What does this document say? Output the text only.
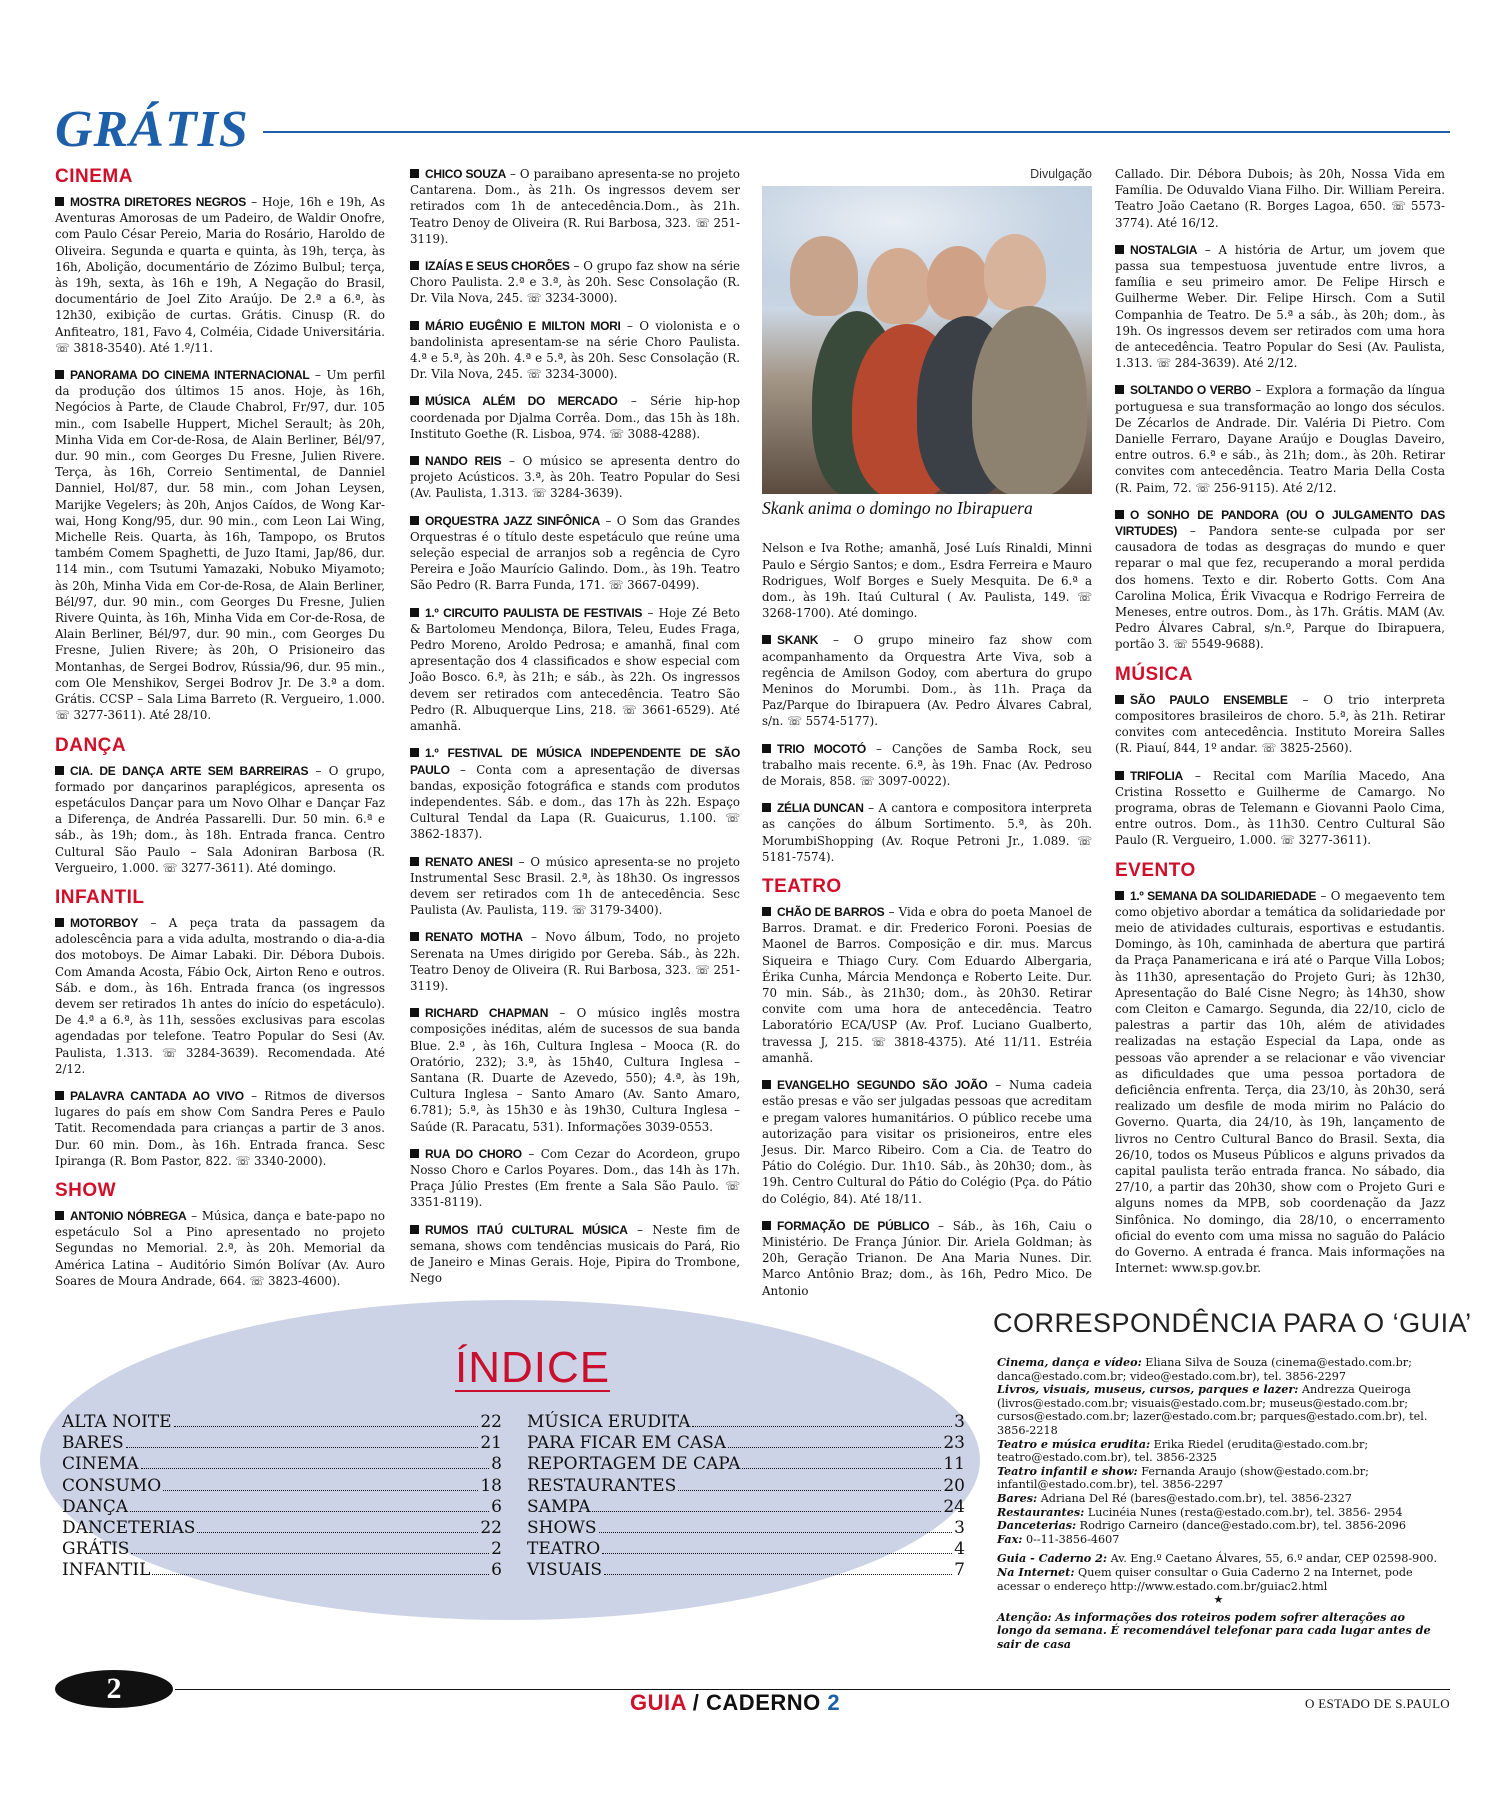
GRÁTIS
CINEMA
MOSTRA DIRETORES NEGROS – Hoje, 16h e 19h, As Aventuras Amorosas de um Padeiro, de Waldir Onofre, com Paulo César Pereio, Maria do Rosário, Haroldo de Oliveira. Segunda e quarta e quinta, às 19h, terça, às 16h, Abolição, documentário de Zózimo Bulbul; terça, às 19h, sexta, às 16h e 19h, A Negação do Brasil, documentário de Joel Zito Araújo. De 2.ª a 6.ª, às 12h30, exibição de curtas. Grátis. Cinusp (R. do Anfiteatro, 181, Favo 4, Colméia, Cidade Universitária. ☏ 3818-3540). Até 1.º/11.
PANORAMA DO CINEMA INTERNACIONAL – Um perfil da produção dos últimos 15 anos. Hoje, às 16h, Negócios à Parte, de Claude Chabrol, Fr/97, dur. 105 min., com Isabelle Huppert, Michel Serault; às 20h, Minha Vida em Cor-de-Rosa, de Alain Berliner, Bél/97, dur. 90 min., com Georges Du Fresne, Julien Rivere. Terça, às 16h, Correio Sentimental, de Danniel Danniel, Hol/87, dur. 58 min., com Johan Leysen, Marijke Vegelers; às 20h, Anjos Caídos, de Wong Kar-wai, Hong Kong/95, dur. 90 min., com Leon Lai Wing, Michelle Reis. Quarta, às 16h, Tampopo, os Brutos também Comem Spaghetti, de Juzo Itami, Jap/86, dur. 114 min., com Tsutumi Yamazaki, Nobuko Miyamoto; às 20h, Minha Vida em Cor-de-Rosa, de Alain Berliner, Bél/97, dur. 90 min., com Georges Du Fresne, Julien Rivere Quinta, às 16h, Minha Vida em Cor-de-Rosa, de Alain Berliner, Bél/97, dur. 90 min., com Georges Du Fresne, Julien Rivere; às 20h, O Prisioneiro das Montanhas, de Sergei Bodrov, Rússia/96, dur. 95 min., com Ole Menshikov, Sergei Bodrov Jr. De 3.ª a dom. Grátis. CCSP – Sala Lima Barreto (R. Vergueiro, 1.000. ☏ 3277-3611). Até 28/10.
DANÇA
CIA. DE DANÇA ARTE SEM BARREIRAS – O grupo, formado por dançarinos paraplégicos, apresenta os espetáculos Dançar para um Novo Olhar e Dançar Faz a Diferença, de Andréa Passarelli. Dur. 50 min. 6.ª e sáb., às 19h; dom., às 18h. Entrada franca. Centro Cultural São Paulo – Sala Adoniran Barbosa (R. Vergueiro, 1.000. ☏ 3277-3611). Até domingo.
INFANTIL
MOTORBOY – A peça trata da passagem da adolescência para a vida adulta, mostrando o dia-a-dia dos motoboys. De Aimar Labaki. Dir. Débora Dubois. Com Amanda Acosta, Fábio Ock, Airton Reno e outros. Sáb. e dom., às 16h. Entrada franca (os ingressos devem ser retirados 1h antes do início do espetáculo). De 4.ª a 6.ª, às 11h, sessões exclusivas para escolas agendadas por telefone. Teatro Popular do Sesi (Av. Paulista, 1.313. ☏ 3284-3639). Recomendada. Até 2/12.
PALAVRA CANTADA AO VIVO – Ritmos de diversos lugares do país em show Com Sandra Peres e Paulo Tatit. Recomendada para crianças a partir de 3 anos. Dur. 60 min. Dom., às 16h. Entrada franca. Sesc Ipiranga (R. Bom Pastor, 822. ☏ 3340-2000).
SHOW
ANTONIO NÓBREGA – Música, dança e bate-papo no espetáculo Sol a Pino apresentado no projeto Segundas no Memorial. 2.ª, às 20h. Memorial da América Latina – Auditório Simón Bolívar (Av. Auro Soares de Moura Andrade, 664. ☏ 3823-4600).
CHICO SOUZA – O paraibano apresenta-se no projeto Cantarena. Dom., às 21h. Os ingressos devem ser retirados com 1h de antecedência.Dom., às 21h. Teatro Denoy de Oliveira (R. Rui Barbosa, 323. ☏ 251-3119).
IZAÍAS E SEUS CHORÕES – O grupo faz show na série Choro Paulista. 2.ª e 3.ª, às 20h. Sesc Consolação (R. Dr. Vila Nova, 245. ☏ 3234-3000).
MÁRIO EUGÊNIO E MILTON MORI – O violonista e o bandolinista apresentam-se na série Choro Paulista. 4.ª e 5.ª, às 20h. 4.ª e 5.ª, às 20h. Sesc Consolação (R. Dr. Vila Nova, 245. ☏ 3234-3000).
MÚSICA ALÉM DO MERCADO – Série hip-hop coordenada por Djalma Corrêa. Dom., das 15h às 18h. Instituto Goethe (R. Lisboa, 974. ☏ 3088-4288).
NANDO REIS – O músico se apresenta dentro do projeto Acústicos. 3.ª, às 20h. Teatro Popular do Sesi (Av. Paulista, 1.313. ☏ 3284-3639).
ORQUESTRA JAZZ SINFÔNICA – O Som das Grandes Orquestras é o título deste espetáculo que reúne uma seleção especial de arranjos sob a regência de Cyro Pereira e João Maurício Galindo. Dom., às 19h. Teatro São Pedro (R. Barra Funda, 171. ☏ 3667-0499).
1.º CIRCUITO PAULISTA DE FESTIVAIS – Hoje Zé Beto & Bartolomeu Mendonça, Bilora, Teleu, Eudes Fraga, Pedro Moreno, Aroldo Pedrosa; e amanhã, final com apresentação dos 4 classificados e show especial com João Bosco. 6.ª, às 21h; e sáb., às 22h. Os ingressos devem ser retirados com antecedência. Teatro São Pedro (R. Albuquerque Lins, 218. ☏ 3661-6529). Até amanhã.
1.º FESTIVAL DE MÚSICA INDEPENDENTE DE SÃO PAULO – Conta com a apresentação de diversas bandas, exposição fotográfica e stands com produtos independentes. Sáb. e dom., das 17h às 22h. Espaço Cultural Tendal da Lapa (R. Guaicurus, 1.100. ☏ 3862-1837).
RENATO ANESI – O músico apresenta-se no projeto Instrumental Sesc Brasil. 2.ª, às 18h30. Os ingressos devem ser retirados com 1h de antecedência. Sesc Paulista (Av. Paulista, 119. ☏ 3179-3400).
RENATO MOTHA – Novo álbum, Todo, no projeto Serenata na Umes dirigido por Gereba. Sáb., às 22h. Teatro Denoy de Oliveira (R. Rui Barbosa, 323. ☏ 251-3119).
RICHARD CHAPMAN – O músico inglês mostra composições inéditas, além de sucessos de sua banda Blue. 2.ª , às 16h, Cultura Inglesa – Mooca (R. do Oratório, 232); 3.ª, às 15h40, Cultura Inglesa – Santana (R. Duarte de Azevedo, 550); 4.ª, às 19h, Cultura Inglesa – Santo Amaro (Av. Santo Amaro, 6.781); 5.ª, às 15h30 e às 19h30, Cultura Inglesa – Saúde (R. Paracatu, 531). Informações 3039-0553.
RUA DO CHORO – Com Cezar do Acordeon, grupo Nosso Choro e Carlos Poyares. Dom., das 14h às 17h. Praça Júlio Prestes (Em frente a Sala São Paulo. ☏ 3351-8119).
RUMOS ITAÚ CULTURAL MÚSICA – Neste fim de semana, shows com tendências musicais do Pará, Rio de Janeiro e Minas Gerais. Hoje, Pipira do Trombone, Nego
Divulgação
Skank anima o domingo no Ibirapuera
Nelson e Iva Rothe; amanhã, José Luís Rinaldi, Minni Paulo e Sérgio Santos; e dom., Esdra Ferreira e Mauro Rodrigues, Wolf Borges e Suely Mesquita. De 6.ª a dom., às 19h. Itaú Cultural ( Av. Paulista, 149. ☏ 3268-1700). Até domingo.
SKANK – O grupo mineiro faz show com acompanhamento da Orquestra Arte Viva, sob a regência de Amilson Godoy, com abertura do grupo Meninos do Morumbi. Dom., às 11h. Praça da Paz/Parque do Ibirapuera (Av. Pedro Álvares Cabral, s/n. ☏ 5574-5177).
TRIO MOCOTÓ – Canções de Samba Rock, seu trabalho mais recente. 6.ª, às 19h. Fnac (Av. Pedroso de Morais, 858. ☏ 3097-0022).
ZÉLIA DUNCAN – A cantora e compositora interpreta as canções do álbum Sortimento. 5.ª, às 20h. MorumbiShopping (Av. Roque Petroni Jr., 1.089. ☏ 5181-7574).
TEATRO
CHÃO DE BARROS – Vida e obra do poeta Manoel de Barros. Dramat. e dir. Frederico Foroni. Poesias de Maonel de Barros. Composição e dir. mus. Marcus Siqueira e Thiago Cury. Com Eduardo Albergaria, Érika Cunha, Márcia Mendonça e Roberto Leite. Dur. 70 min. Sáb., às 21h30; dom., às 20h30. Retirar convite com uma hora de antecedência. Teatro Laboratório ECA/USP (Av. Prof. Luciano Gualberto, travessa J, 215. ☏ 3818-4375). Até 11/11. Estréia amanhã.
EVANGELHO SEGUNDO SÃO JOÃO – Numa cadeia estão presas e vão ser julgadas pessoas que acreditam e pregam valores humanitários. O público recebe uma autorização para visitar os prisioneiros, entre eles Jesus. Dir. Marco Ribeiro. Com a Cia. de Teatro do Pátio do Colégio. Dur. 1h10. Sáb., às 20h30; dom., às 19h. Centro Cultural do Pátio do Colégio (Pça. do Pátio do Colégio, 84). Até 18/11.
FORMAÇÃO DE PÚBLICO – Sáb., às 16h, Caiu o Ministério. De França Júnior. Dir. Ariela Goldman; às 20h, Geração Trianon. De Ana Maria Nunes. Dir. Marco Antônio Braz; dom., às 16h, Pedro Mico. De Antonio
Callado. Dir. Débora Dubois; às 20h, Nossa Vida em Família. De Oduvaldo Viana Filho. Dir. William Pereira. Teatro João Caetano (R. Borges Lagoa, 650. ☏ 5573-3774). Até 16/12.
NOSTALGIA – A história de Artur, um jovem que passa sua tempestuosa juventude entre livros, a família e seu primeiro amor. De Felipe Hirsch e Guilherme Weber. Dir. Felipe Hirsch. Com a Sutil Companhia de Teatro. De 5.ª a sáb., às 20h; dom., às 19h. Os ingressos devem ser retirados com uma hora de antecedência. Teatro Popular do Sesi (Av. Paulista, 1.313. ☏ 284-3639). Até 2/12.
SOLTANDO O VERBO – Explora a formação da língua portuguesa e sua transformação ao longo dos séculos. De Zécarlos de Andrade. Dir. Valéria Di Pietro. Com Danielle Ferraro, Dayane Araújo e Douglas Daveiro, entre outros. 6.ª e sáb., às 21h; dom., às 20h. Retirar convites com antecedência. Teatro Maria Della Costa (R. Paim, 72. ☏ 256-9115). Até 2/12.
O SONHO DE PANDORA (OU O JULGAMENTO DAS VIRTUDES) – Pandora sente-se culpada por ser causadora de todas as desgraças do mundo e quer reparar o mal que fez, recuperando a moral perdida dos homens. Texto e dir. Roberto Gotts. Com Ana Carolina Molica, Érik Vivacqua e Rodrigo Ferreira de Meneses, entre outros. Dom., às 17h. Grátis. MAM (Av. Pedro Álvares Cabral, s/n.º, Parque do Ibirapuera, portão 3. ☏ 5549-9688).
MÚSICA
SÃO PAULO ENSEMBLE – O trio interpreta compositores brasileiros de choro. 5.ª, às 21h. Retirar convites com antecedência. Instituto Moreira Salles (R. Piauí, 844, 1º andar. ☏ 3825-2560).
TRIFOLIA – Recital com Marília Macedo, Ana Cristina Rossetto e Guilherme de Camargo. No programa, obras de Telemann e Giovanni Paolo Cima, entre outros. Dom., às 11h30. Centro Cultural São Paulo (R. Vergueiro, 1.000. ☏ 3277-3611).
EVENTO
1.º SEMANA DA SOLIDARIEDADE – O megaevento tem como objetivo abordar a temática da solidariedade por meio de atividades culturais, esportivas e estudantis. Domingo, às 10h, caminhada de abertura que partirá da Praça Panamericana e irá até o Parque Villa Lobos; às 11h30, apresentação do Projeto Guri; às 12h30, Apresentação do Balé Cisne Negro; às 14h30, show com Cleiton e Camargo. Segunda, dia 22/10, ciclo de palestras a partir das 10h, além de atividades realizadas na estação Especial da Lapa, onde as pessoas vão aprender a se relacionar e vão vivenciar as dificuldades que uma pessoa portadora de deficiência enfrenta. Terça, dia 23/10, às 20h30, será realizado um desfile de moda mirim no Palácio do Governo. Quarta, dia 24/10, às 19h, lançamento de livros no Centro Cultural Banco do Brasil. Sexta, dia 26/10, todos os Museus Públicos e alguns privados da capital paulista terão entrada franca. No sábado, dia 27/10, a partir das 20h30, show com o Projeto Guri e alguns nomes da MPB, sob coordenação da Jazz Sinfônica. No domingo, dia 28/10, o encerramento oficial do evento com uma missa no saguão do Palácio do Governo. A entrada é franca. Mais informações na Internet: www.sp.gov.br.
ÍNDICE
ALTA NOITE	22
BARES	21
CINEMA	8
CONSUMO	18
DANÇA	6
DANCETERIAS	22
GRÁTIS	2
INFANTIL	6
MÚSICA ERUDITA	3
PARA FICAR EM CASA	23
REPORTAGEM DE CAPA	11
RESTAURANTES	20
SAMPA	24
SHOWS	3
TEATRO	4
VISUAIS	7
CORRESPONDÊNCIA PARA O ‘GUIA’

Cinema, dança e vídeo: Eliana Silva de Souza (cinema@estado.com.br; danca@estado.com.br; video@estado.com.br), tel. 3856-2297

Livros, visuais, museus, cursos, parques e lazer: Andrezza Queiroga (livros@estado.com.br; visuais@estado.com.br; museus@estado.com.br; cursos@estado.com.br; lazer@estado.com.br; parques@estado.com.br), tel. 3856-2218

Teatro e música erudita: Erika Riedel (erudita@estado.com.br; teatro@estado.com.br), tel. 3856-2325

Teatro infantil e show: Fernanda Araujo (show@estado.com.br; infantil@estado.com.br), tel. 3856-2297

Bares: Adriana Del Ré (bares@estado.com.br), tel. 3856-2327

Restaurantes: Lucinéia Nunes (resta@estado.com.br), tel. 3856- 2954

Danceterias: Rodrigo Carneiro (dance@estado.com.br), tel. 3856-2096

Fax: 0--11-3856-4607

Guia - Caderno 2: Av. Eng.º Caetano Álvares, 55, 6.º andar, CEP 02598-900.

Na Internet: Quem quiser consultar o Guia Caderno 2 na Internet, pode acessar o endereço http://www.estado.com.br/guiac2.html

★

Atenção: As informações dos roteiros podem sofrer alterações ao longo da semana. É recomendável telefonar para cada lugar antes de sair de casa

2	GUIA / CADERNO 2	O ESTADO DE S.PAULO
